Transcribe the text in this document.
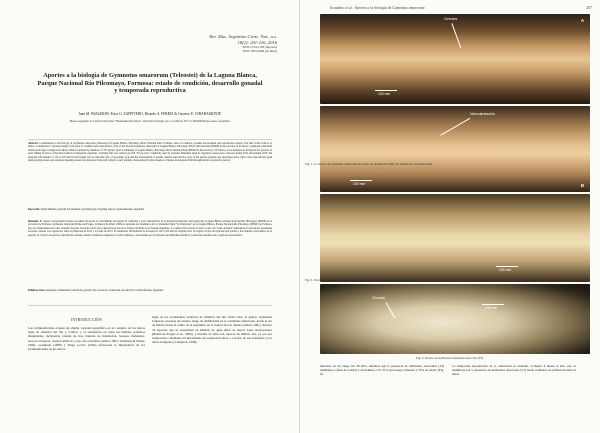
Rev. Mus. Argentino Cienc. Nat., n.s.
18(2): 201-216, 2016
ISSN 1514-5158 (impresa)
ISSN 1853-0400 (en línea)
Aportes a la biología de Gymnotus omarorum (Teleostei) de la Laguna Blanca, Parque Nacional Río Pilcomayo, Formosa: estado de condición, desarrollo gonadal y temporada reproductiva
Juan M. IWASZKIW, Erica G. ZAPPITERO, Ricardo A. FERRIZ & Gustavo E. CHIARAMONTE
Museo Argentino de Ciencias Naturales "Bernardino Rivadavia", División Ictiología, Av. A. Gallardo 470, C1405DJR Buenos Aires, Argentina.
Abstract: Contributions to the biology of Gymnotus omarorum (Teleostei) of Laguna Blanca, Pilcomayo River National Park, Formosa: state of condition, gonadal development and reproductive season. The aim of this work is to make a contribution to the knowledge of the state of condition and reproductive cycle of the morena Gymnotus omarorum of Laguna Blanca, Pilcomayo River National Park (PNRP) in the province of Formosa. Gymnotus omarorum Richer-de-Forges, Crampton & Albert, 2009 is captured by members of "El Spring" Qom Community at Laguna Blanca, Pilcomayo River National Park (PNRP) in the province of Formosa, to be marketed as living bait for practice of sport fishing in rivers of the Plata basin in northeastern Argentina. Catching fish was carried out with "Scoop nets" commonly used by artisanal fishermen Qom in vegetated coastal areas, between spring 2012 and autumn 2013. We analyzed 106 females of 120 to 325 mm in total length. We recorded the type of spawning cycle and the development of gonads. Annual reproductive cycle of the species presents one spawning period with a clear reproduction peak during spring season. An extensive breeding season was detected, from early spring to early autumn, characterized by the presence of mature and spawned fish throughout the reproductive period.
Keywords: inland fisheries; gonadal development; spawning type; breeding season; Gymnotiformes, Argentina.
Resumen: El objetivo del presente trabajo es realizar un aporte al conocimiento del estado de condición y ciclo reproductivo de la morena (Gymnotus omarorum) de la Laguna Blanca, Parque Nacional Río Pilcomayo (PNRP) de la provincia de Formosa. Gymnotus omarorum Richer-de-Forges, Crampton & Albert, 2009 es capturada por miembros de la Comunidad Qom "La Primavera" en la Laguna Blanca, Parque Nacional Río Pilcomayo (PNRP) de Formosa, para su comercialización como carnada viva para la práctica de la pesca deportiva en ríos de la Cuenca del Plata en el Noreste Argentino. La captura de los peces se llevó a cabo con "redes de mano" utilizadas por pescadores artesanales en zonas costeras con vegetación, entre la primavera de 2012 y el otoño de 2013. Se analizaron 106 hembras de morenas de 120 a 325 mm de longitud total. Se registró el tipo de reproducción parcial o fraccionada característica de la especie. Se observó un período reproductivo extenso, desde la primavera temprana al otoño temprano, caracterizado por la presencia de individuos maduros y desovados durante todo el período reproductivo.
Palabras clave: pesquerías continentales; desarrollo gonadal; tipo de desove; temporada reproductiva, Gymnotiformes, Argentina.
INTRODUCCIÓN
Los Gymnotiformes ocupan un amplia variedad geográfica en el conjunto de las tierras bajas de América del Sur y Central, y se encuentran en todas las hábitats acuáticos imaginables, incluyendo canales de ríos, llanuras de inundación, bosques inundados, arroyos en tierras, cuerpos lénticos y ríos con corrientes (Albert, 2001; Lundberg & Weber, 1994). Crampton (1998) y Mago Leccia (1994) destacaron la importancia de los Gymnotiformes en las tierras
bajas de los ecosistemas acuáticos de América del Sur. Entre ellos, el género Gymnotus Linnaeus, presenta un extenso rango de distribución en el continente americano, desde el sur de México hasta el centro de la Argentina, en la cuenca del río Salado (Albert, 2001). Incluye 34 especies que se encuentran en hábitats de agua dulce de tierras bajas neotropicales (Richer-de-Forges et al., 2009), y muchas de ellas son capaces de utilizar aire, ya sea por respiración o mediante un mecanismo de respiración aérea o a través de sus branquias ya lo tolere la hipoxia (Crampton, 1998).
Iwaszkiw et al.: Aportes a la biología de Gymnotus omarorum	207
A
Oveolos
100 mm
B
Vascularización
100 mm
100 mm
Gónada
100 mm
muestreo en un rango del 38–44%, mientras que la presencia de individuos desovados (VI) disminuye a fines de octubre y noviembre a 25–31% para luego remontar a 33% en marzo (Fig. 9).
La temporada reproductiva de G. omarorum se extendió, al menos 6 meses al año; esto se manifiesta por la presencia de individuos desovados (VI) desde comienzo de primavera hasta el inicio
Fig. 1. A: Ovario de Gymnotus omarorum en estado de maduración (III). B: Detalle de vascularización.
Fig. 2. Ovario de Gymnotus omarorum en estado maduración avanzada o total (IV–V).
Fig. 3. Ovario de Gymnotus omarorum desovado (VI).
